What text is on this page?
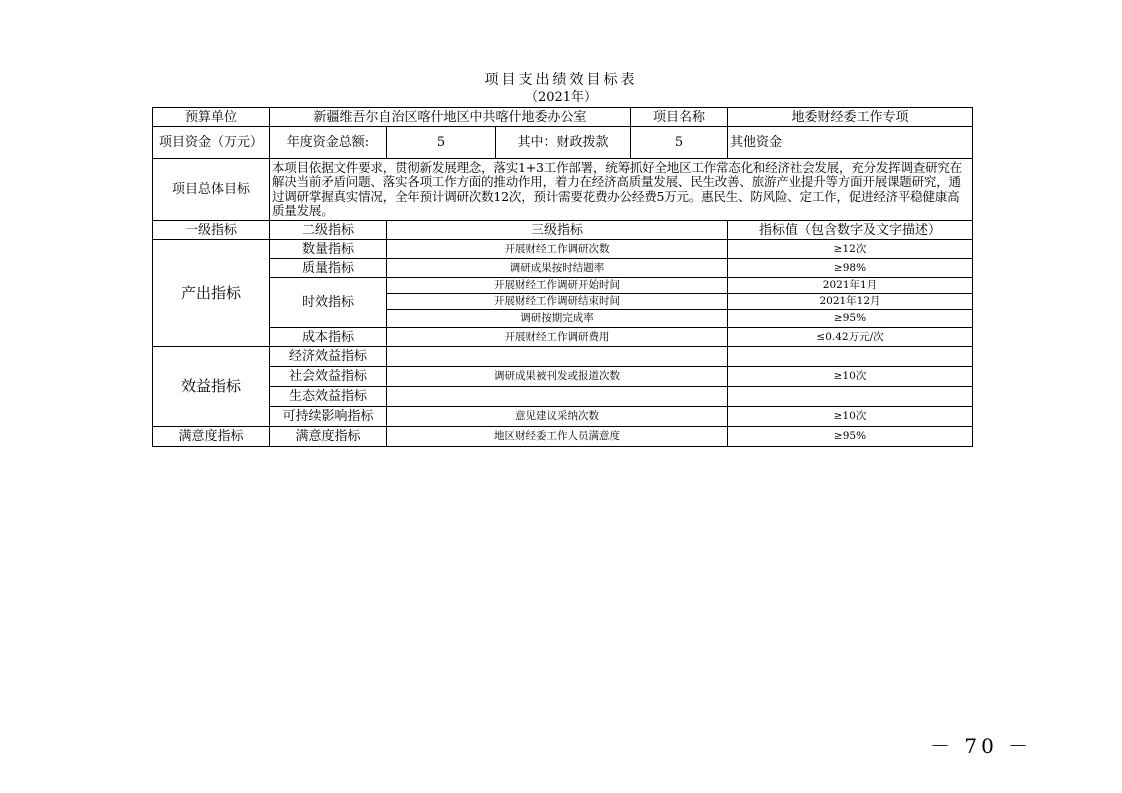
项目支出绩效目标表
（2021年）
预算单位	新疆维吾尔自治区喀什地区中共喀什地委办公室			项目名称	地委财经委工作专项
项目资金（万元）	年度资金总额:	5	其中：财政拨款	5	其他资金
项目总体目标	本项目依据文件要求，贯彻新发展理念，落实1+3工作部署，统筹抓好全地区工作常态化和经济社会发展，充分发挥调查研究在解决当前矛盾问题、落实各项工作方面的推动作用，着力在经济高质量发展、民生改善、旅游产业提升等方面开展课题研究，通过调研掌握真实情况，全年预计调研次数12次，预计需要花费办公经费5万元。惠民生、防风险、定工作，促进经济平稳健康高质量发展。				
一级指标	二级指标	三级指标			指标值（包含数字及文字描述）
产出指标	数量指标	开展财经工作调研次数			≥12次
	质量指标	调研成果按时结题率			≥98%
	时效指标	开展财经工作调研开始时间			2021年1月
		开展财经工作调研结束时间			2021年12月
		调研按期完成率			≥95%
	成本指标	开展财经工作调研费用			≤0.42万元/次
效益指标	经济效益指标				
	社会效益指标	调研成果被刊发或报道次数			≥10次
	生态效益指标				
	可持续影响指标	意见建议采纳次数			≥10次
满意度指标	满意度指标	地区财经委工作人员满意度			≥95%
－ 70 －
